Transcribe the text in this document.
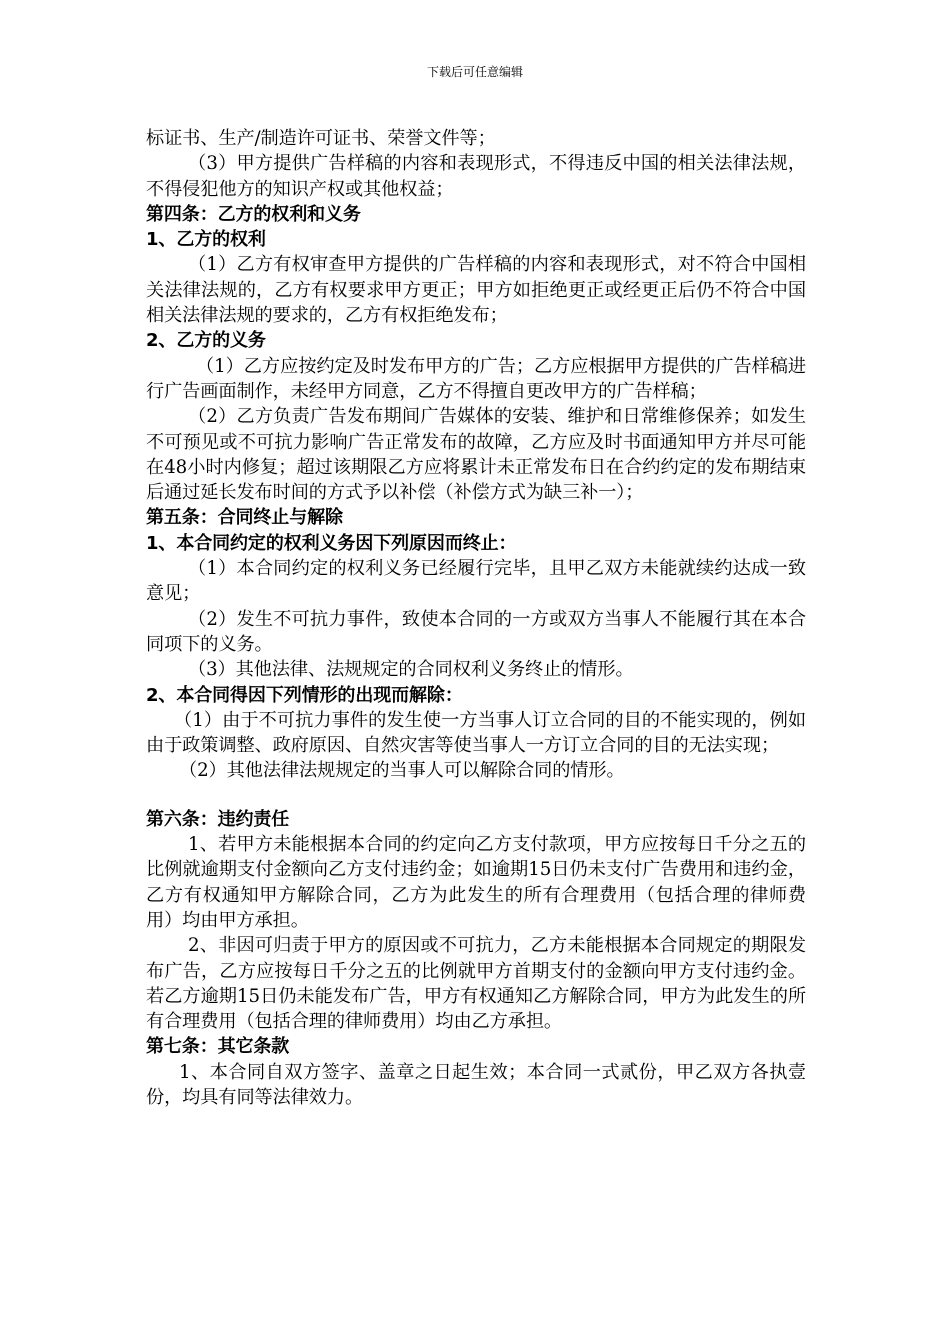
下载后可任意编辑

标证书、生产/制造许可证书、荣誉文件等；

（3）甲方提供广告样稿的内容和表现形式，不得违反中国的相关法律法规，不得侵犯他方的知识产权或其他权益；

第四条：乙方的权利和义务

1、乙方的权利

（1）乙方有权审查甲方提供的广告样稿的内容和表现形式，对不符合中国相关法律法规的，乙方有权要求甲方更正；甲方如拒绝更正或经更正后仍不符合中国相关法律法规的要求的，乙方有权拒绝发布；

2、乙方的义务

（1）乙方应按约定及时发布甲方的广告；乙方应根据甲方提供的广告样稿进行广告画面制作，未经甲方同意，乙方不得擅自更改甲方的广告样稿；

（2）乙方负责广告发布期间广告媒体的安装、维护和日常维修保养；如发生不可预见或不可抗力影响广告正常发布的故障，乙方应及时书面通知甲方并尽可能在48小时内修复；超过该期限乙方应将累计未正常发布日在合约约定的发布期结束后通过延长发布时间的方式予以补偿（补偿方式为缺三补一）；

第五条：合同终止与解除

1、本合同约定的权利义务因下列原因而终止：

（1）本合同约定的权利义务已经履行完毕，且甲乙双方未能就续约达成一致意见；

（2）发生不可抗力事件，致使本合同的一方或双方当事人不能履行其在本合同项下的义务。

（3）其他法律、法规规定的合同权利义务终止的情形。

2、本合同得因下列情形的出现而解除：

（1）由于不可抗力事件的发生使一方当事人订立合同的目的不能实现的，例如由于政策调整、政府原因、自然灾害等使当事人一方订立合同的目的无法实现；

（2）其他法律法规规定的当事人可以解除合同的情形。

第六条：违约责任

1、若甲方未能根据本合同的约定向乙方支付款项，甲方应按每日千分之五的比例就逾期支付金额向乙方支付违约金；如逾期15日仍未支付广告费用和违约金，乙方有权通知甲方解除合同，乙方为此发生的所有合理费用（包括合理的律师费用）均由甲方承担。

2、非因可归责于甲方的原因或不可抗力，乙方未能根据本合同规定的期限发布广告，乙方应按每日千分之五的比例就甲方首期支付的金额向甲方支付违约金。若乙方逾期15日仍未能发布广告，甲方有权通知乙方解除合同，甲方为此发生的所有合理费用（包括合理的律师费用）均由乙方承担。

第七条：其它条款

1、本合同自双方签字、盖章之日起生效；本合同一式贰份，甲乙双方各执壹份，均具有同等法律效力。
